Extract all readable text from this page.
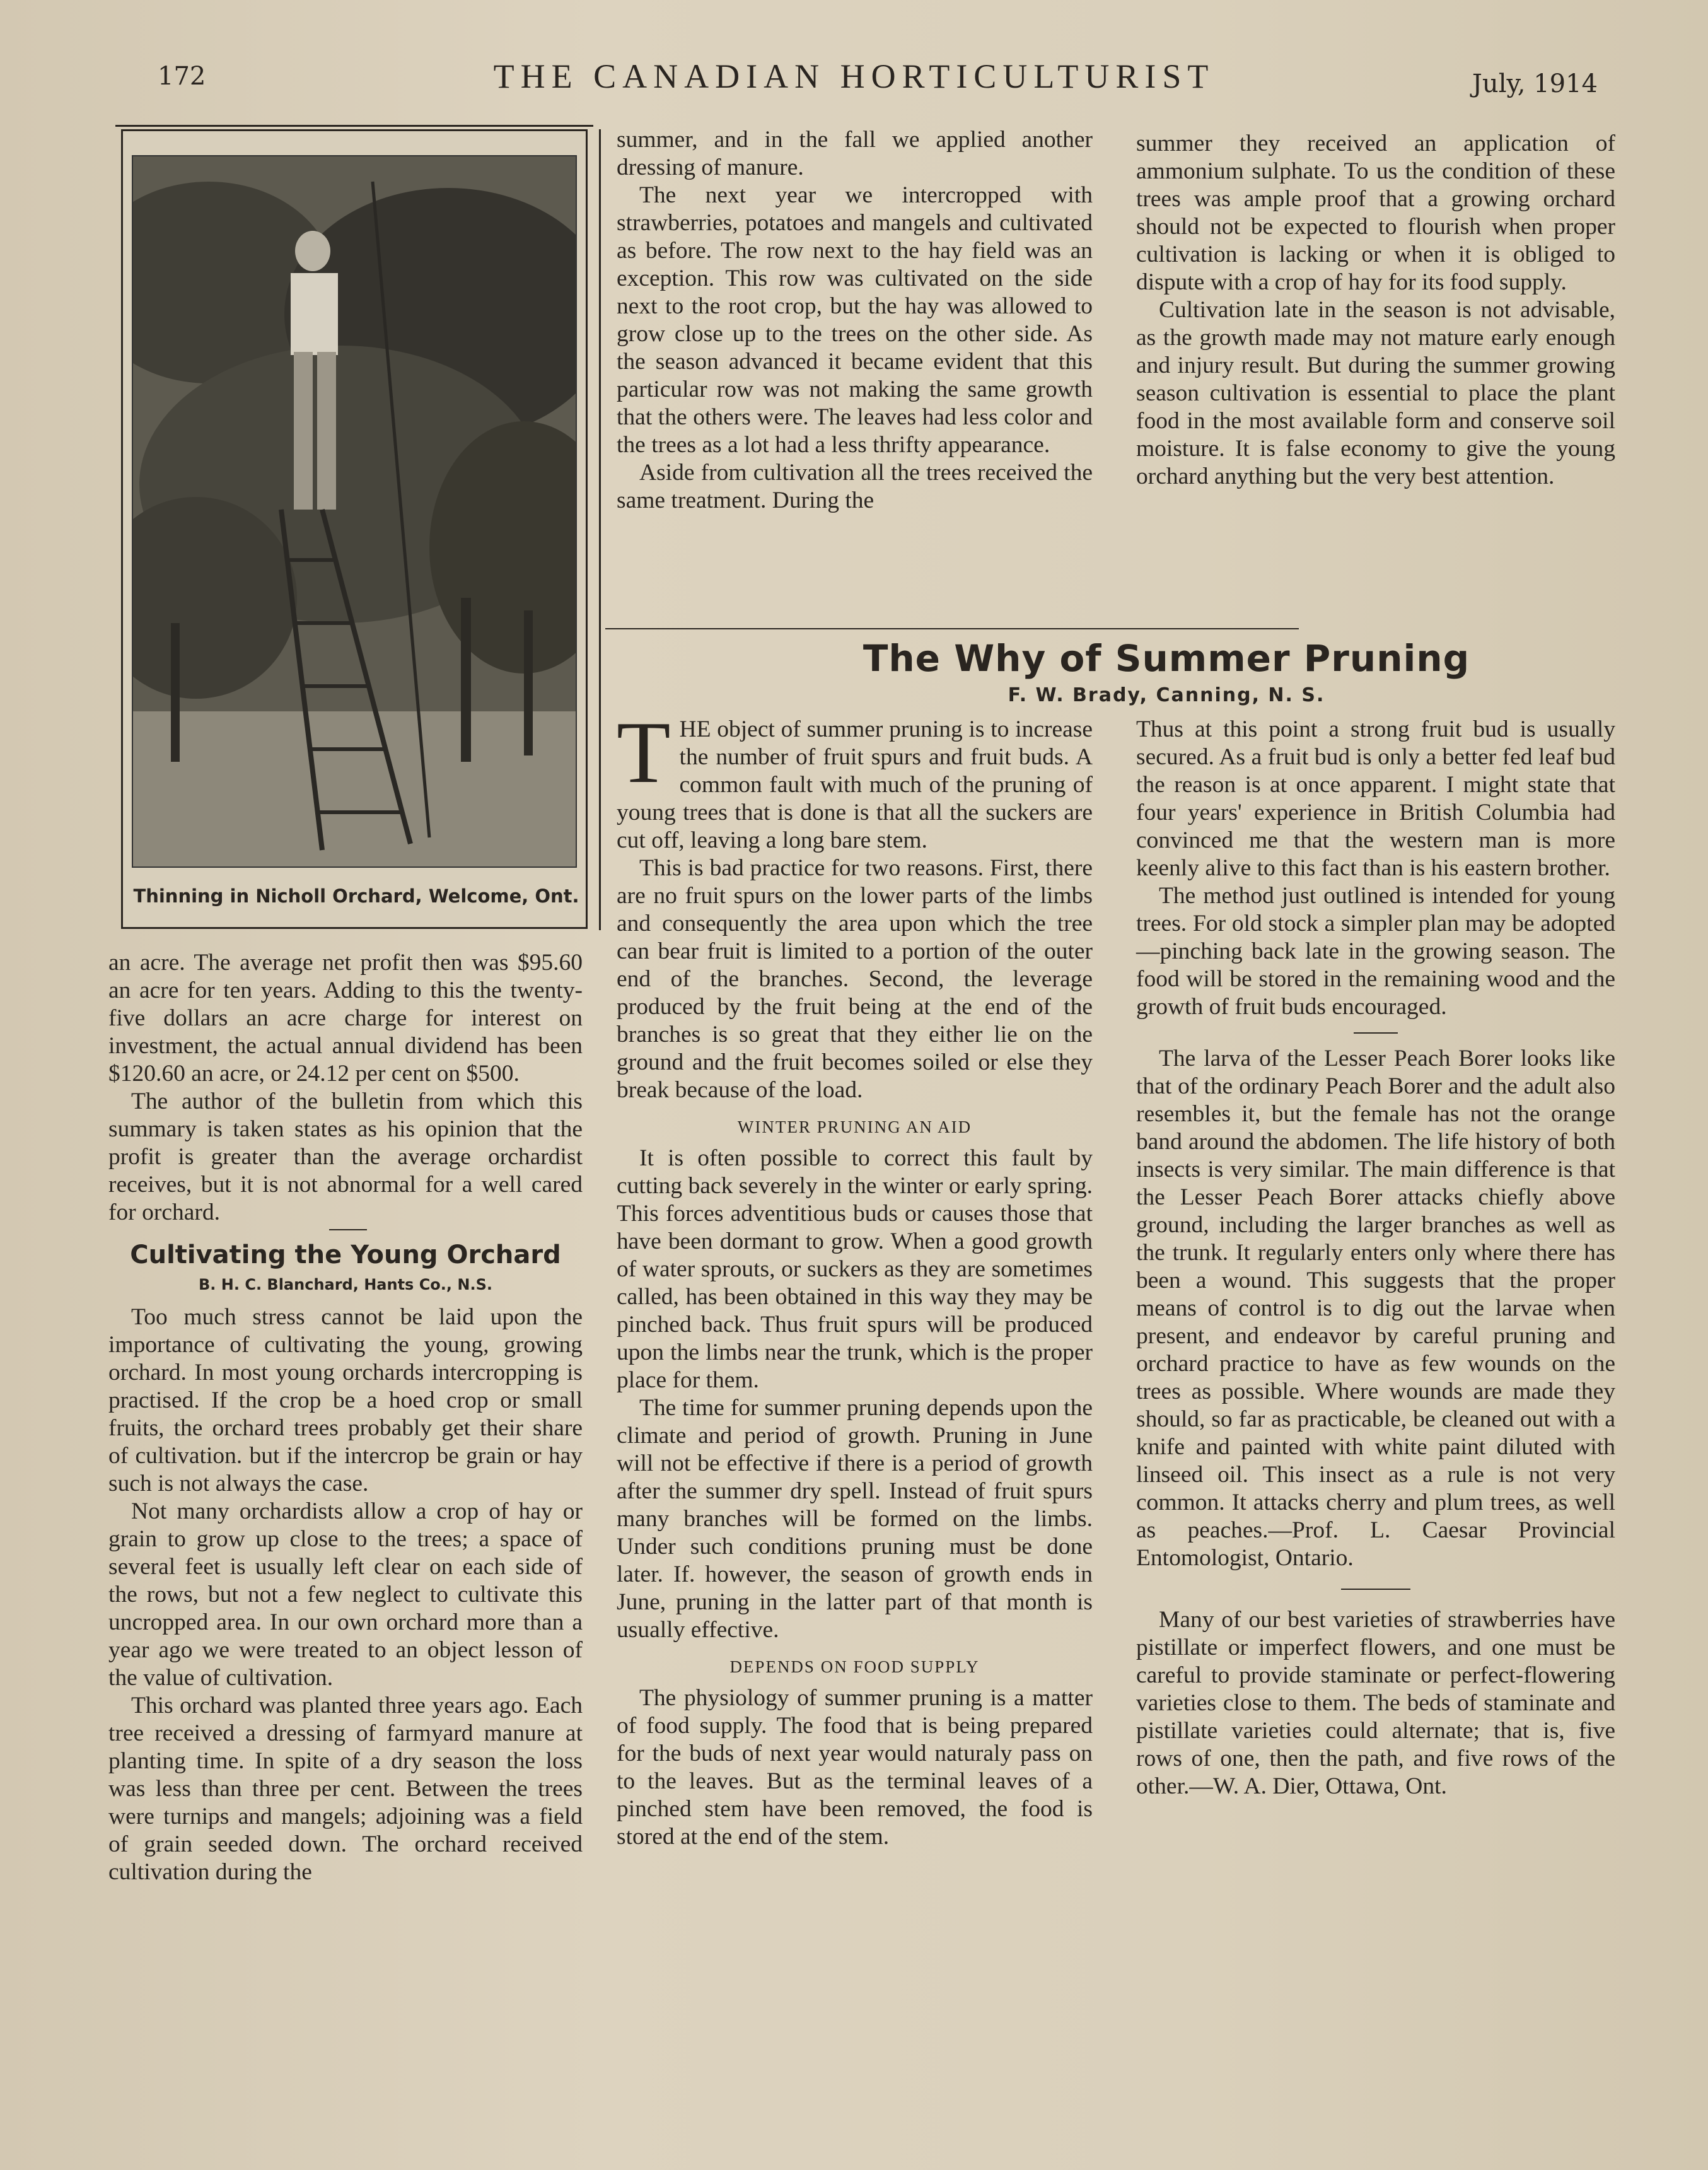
172	THE CANADIAN HORTICULTURIST	July, 1914
Thinning in Nicholl Orchard, Welcome, Ont.

an acre. The average net profit then was $95.60 an acre for ten years. Adding to this the twenty-five dollars an acre charge for interest on investment, the actual annual dividend has been $120.60 an acre, or 24.12 per cent on $500.

The author of the bulletin from which this summary is taken states as his opinion that the profit is greater than the average orchardist receives, but it is not abnormal for a well cared for orchard.

Cultivating the Young Orchard
B. H. C. Blanchard, Hants Co., N.S.

Too much stress cannot be laid upon the importance of cultivating the young, growing orchard. In most young orchards intercropping is practised. If the crop be a hoed crop or small fruits, the orchard trees probably get their share of cultivation. but if the intercrop be grain or hay such is not always the case.

Not many orchardists allow a crop of hay or grain to grow up close to the trees; a space of several feet is usually left clear on each side of the rows, but not a few neglect to cultivate this uncropped area. In our own orchard more than a year ago we were treated to an object lesson of the value of cultivation.

This orchard was planted three years ago. Each tree received a dressing of farmyard manure at planting time. In spite of a dry season the loss was less than three per cent. Between the trees were turnips and mangels; adjoining was a field of grain seeded down. The orchard received cultivation during the

summer, and in the fall we applied another dressing of manure.

The next year we intercropped with strawberries, potatoes and mangels and cultivated as before. The row next to the hay field was an exception. This row was cultivated on the side next to the root crop, but the hay was allowed to grow close up to the trees on the other side. As the season advanced it became evident that this particular row was not making the same growth that the others were. The leaves had less color and the trees as a lot had a less thrifty appearance.

Aside from cultivation all the trees received the same treatment. During the

summer they received an application of ammonium sulphate. To us the condition of these trees was ample proof that a growing orchard should not be expected to flourish when proper cultivation is lacking or when it is obliged to dispute with a crop of hay for its food supply.

Cultivation late in the season is not advisable, as the growth made may not mature early enough and injury result. But during the summer growing season cultivation is essential to place the plant food in the most available form and conserve soil moisture. It is false economy to give the young orchard anything but the very best attention.

The Why of Summer Pruning
F. W. Brady, Canning, N. S.

THE object of summer pruning is to increase the number of fruit spurs and fruit buds. A common fault with much of the pruning of young trees that is done is that all the suckers are cut off, leaving a long bare stem.

This is bad practice for two reasons. First, there are no fruit spurs on the lower parts of the limbs and consequently the area upon which the tree can bear fruit is limited to a portion of the outer end of the branches. Second, the leverage produced by the fruit being at the end of the branches is so great that they either lie on the ground and the fruit becomes soiled or else they break because of the load.

WINTER PRUNING AN AID

It is often possible to correct this fault by cutting back severely in the winter or early spring. This forces adventitious buds or causes those that have been dormant to grow. When a good growth of water sprouts, or suckers as they are sometimes called, has been obtained in this way they may be pinched back. Thus fruit spurs will be produced upon the limbs near the trunk, which is the proper place for them.

The time for summer pruning depends upon the climate and period of growth. Pruning in June will not be effective if there is a period of growth after the summer dry spell. Instead of fruit spurs many branches will be formed on the limbs. Under such conditions pruning must be done later. If. however, the season of growth ends in June, pruning in the latter part of that month is usually effective.

DEPENDS ON FOOD SUPPLY

The physiology of summer pruning is a matter of food supply. The food that is being prepared for the buds of next year would naturaly pass on to the leaves. But as the terminal leaves of a pinched stem have been removed, the food is stored at the end of the stem.

Thus at this point a strong fruit bud is usually secured. As a fruit bud is only a better fed leaf bud the reason is at once apparent. I might state that four years' experience in British Columbia had convinced me that the western man is more keenly alive to this fact than is his eastern brother.

The method just outlined is intended for young trees. For old stock a simpler plan may be adopted—pinching back late in the growing season. The food will be stored in the remaining wood and the growth of fruit buds encouraged.

The larva of the Lesser Peach Borer looks like that of the ordinary Peach Borer and the adult also resembles it, but the female has not the orange band around the abdomen. The life history of both insects is very similar. The main difference is that the Lesser Peach Borer attacks chiefly above ground, including the larger branches as well as the trunk. It regularly enters only where there has been a wound. This suggests that the proper means of control is to dig out the larvae when present, and endeavor by careful pruning and orchard practice to have as few wounds on the trees as possible. Where wounds are made they should, so far as practicable, be cleaned out with a knife and painted with white paint diluted with linseed oil. This insect as a rule is not very common. It attacks cherry and plum trees, as well as peaches.—Prof. L. Caesar Provincial Entomologist, Ontario.

Many of our best varieties of strawberries have pistillate or imperfect flowers, and one must be careful to provide staminate or perfect-flowering varieties close to them. The beds of staminate and pistillate varieties could alternate; that is, five rows of one, then the path, and five rows of the other.—W. A. Dier, Ottawa, Ont.
